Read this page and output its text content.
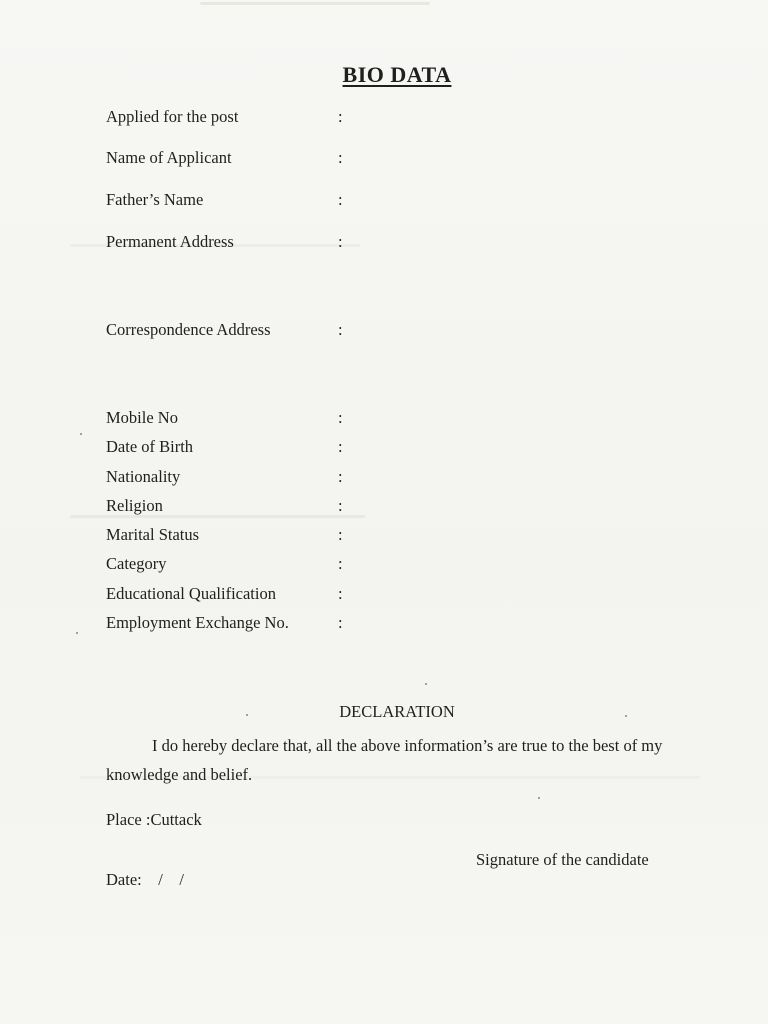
BIO DATA
Applied for the post	:
Name of Applicant	:
Father’s Name	:
Permanent Address	:
Correspondence Address	:
Mobile No	:
Date of Birth	:
Nationality	:
Religion	:
Marital Status	:
Category	:
Educational Qualification	:
Employment Exchange No.	:
DECLARATION
I do hereby declare that, all the above information’s are true to the best of my knowledge and belief.
Place :Cuttack
Signature of the candidate
Date:    /    /
